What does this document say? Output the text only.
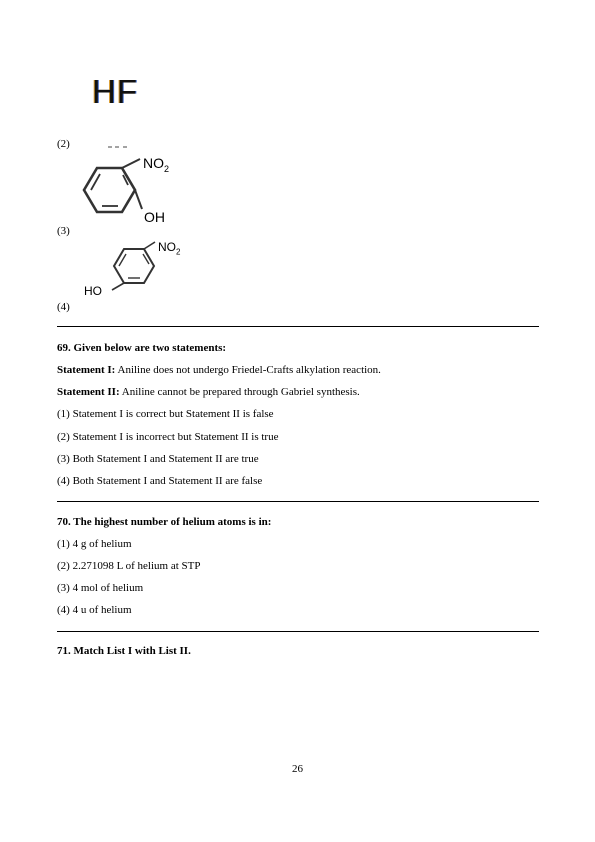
HF
(2)
(3)
(4)
$NO_2$
OH
$NO_2$
HO
69. Given below are two statements:
Statement I: Aniline does not undergo Friedel-Crafts alkylation reaction.
Statement II: Aniline cannot be prepared through Gabriel synthesis.
(1) Statement I is correct but Statement II is false
(2) Statement I is incorrect but Statement II is true
(3) Both Statement I and Statement II are true
(4) Both Statement I and Statement II are false
70. The highest number of helium atoms is in:
(1) 4 g of helium
(2) 2.271098 L of helium at STP
(3) 4 mol of helium
(4) 4 u of helium
71. Match List I with List II.
26
